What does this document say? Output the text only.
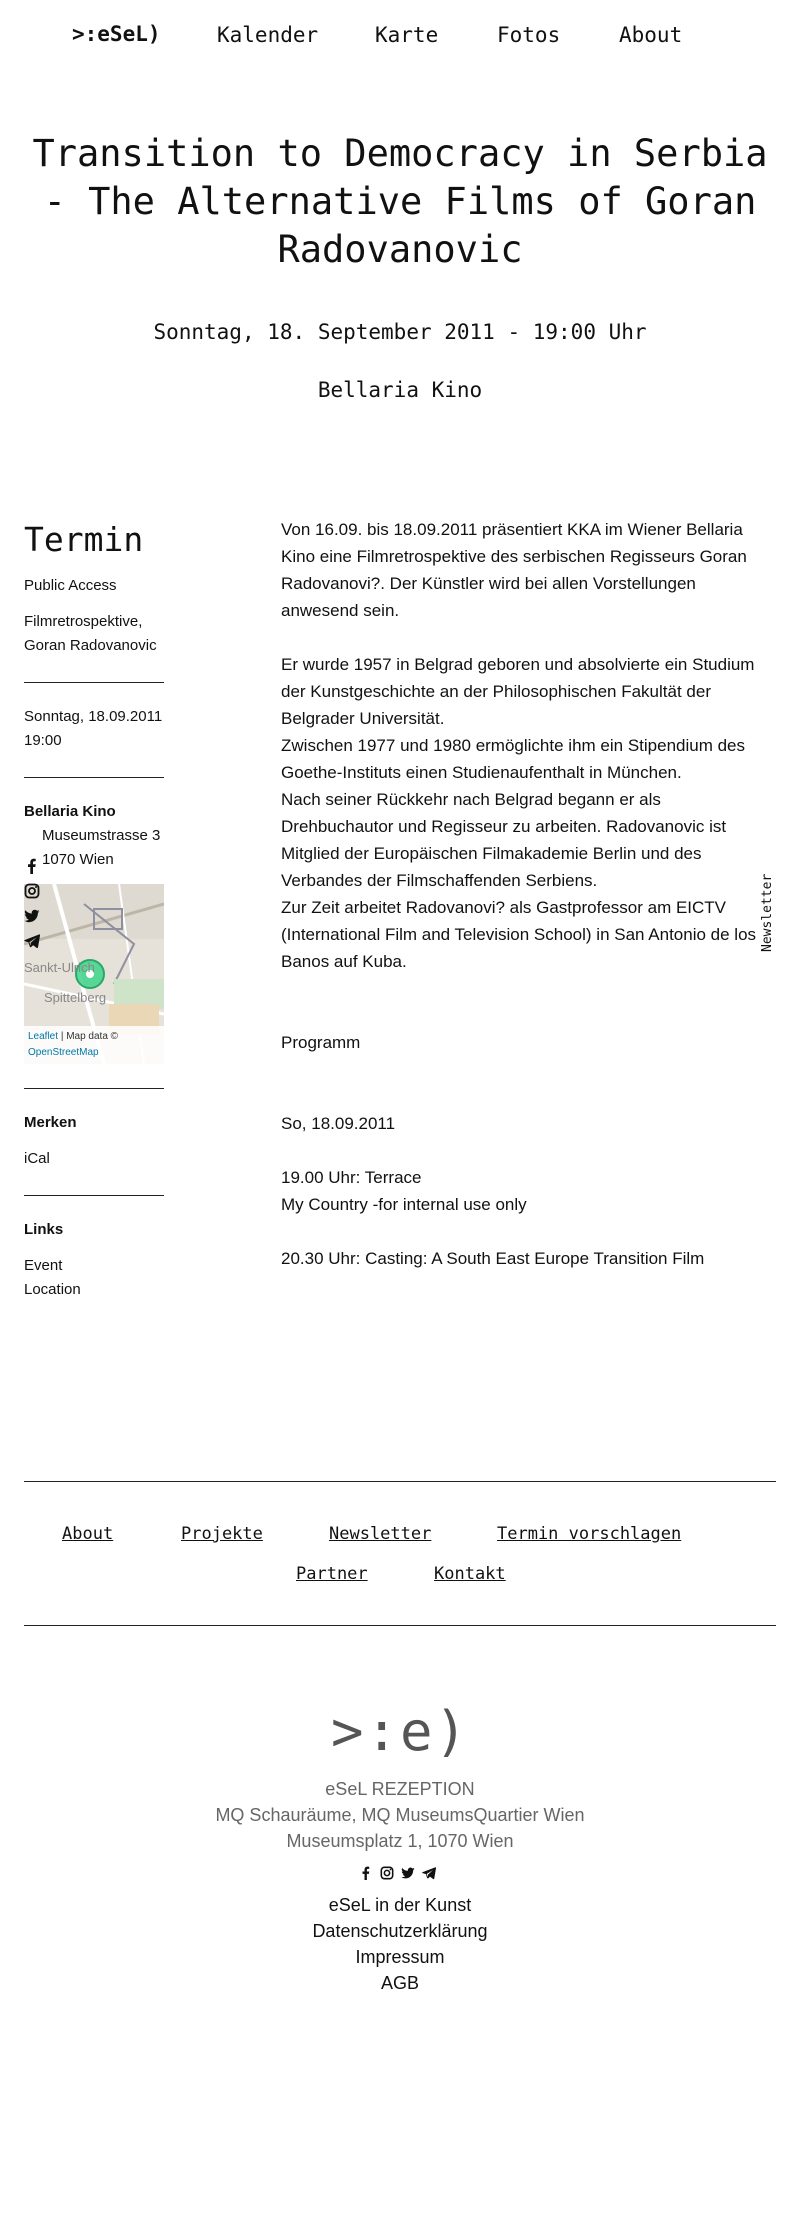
>:eSeL)	Kalender	Karte	Fotos	About
Transition to Democracy in Serbia - The Alternative Films of Goran Radovanovic
Sonntag, 18. September 2011 - 19:00 Uhr
Bellaria Kino
Termin

Public Access

Filmretrospektive, Goran Radovanovic

Sonntag, 18.09.2011 19:00

Bellaria Kino
Museumstrasse 3
1070 Wien
Sankt-Ulrich
Spittelberg
Leaflet | Map data ©
OpenStreetMap
Merken
iCal
Links
Event
Location

Von 16.09. bis 18.09.2011 präsentiert KKA im Wiener Bellaria Kino eine Filmretrospektive des serbischen Regisseurs Goran Radovanovi?. Der Künstler wird bei allen Vorstellungen anwesend sein.

Er wurde 1957 in Belgrad geboren und absolvierte ein Studium der Kunstgeschichte an der Philosophischen Fakultät der Belgrader Universität.
Zwischen 1977 und 1980 ermöglichte ihm ein Stipendium des Goethe-Instituts einen Studienaufenthalt in München.
Nach seiner Rückkehr nach Belgrad begann er als Drehbuchautor und Regisseur zu arbeiten. Radovanovic ist Mitglied der Europäischen Filmakademie Berlin und des Verbandes der Filmschaffenden Serbiens.
Zur Zeit arbeitet Radovanovi? als Gastprofessor am EICTV (International Film and Television School) in San Antonio de los Banos auf Kuba.

Programm

So, 18.09.2011

19.00 Uhr: Terrace
My Country -for internal use only
20.30 Uhr: Casting: A South East Europe Transition Film
Newsletter
About	Projekte	Newsletter	Termin vorschlagen
Partner	Kontakt
>:e)
eSeL REZEPTION
MQ Schauräume, MQ MuseumsQuartier Wien
Museumsplatz 1, 1070 Wien
eSeL in der Kunst
Datenschutzerklärung
Impressum
AGB
